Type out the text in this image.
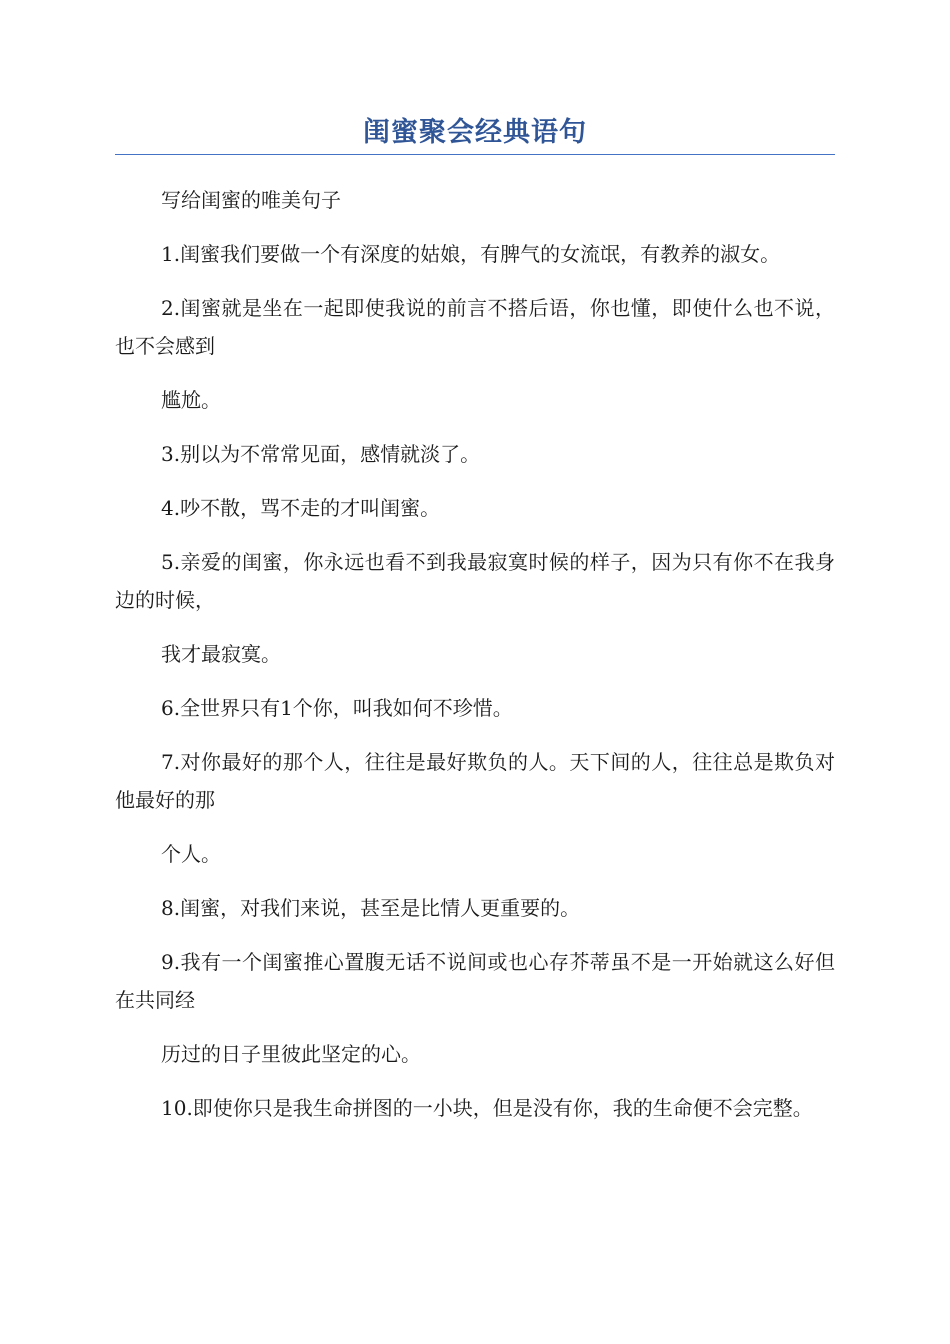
闺蜜聚会经典语句

写给闺蜜的唯美句子

1.闺蜜我们要做一个有深度的姑娘，有脾气的女流氓，有教养的淑女。

2.闺蜜就是坐在一起即使我说的前言不搭后语，你也懂，即使什么也不说，也不会感到

尴尬。

3.别以为不常常见面，感情就淡了。

4.吵不散，骂不走的才叫闺蜜。

5.亲爱的闺蜜，你永远也看不到我最寂寞时候的样子，因为只有你不在我身边的时候，

我才最寂寞。

6.全世界只有1个你，叫我如何不珍惜。

7.对你最好的那个人，往往是最好欺负的人。天下间的人，往往总是欺负对他最好的那

个人。

8.闺蜜，对我们来说，甚至是比情人更重要的。

9.我有一个闺蜜推心置腹无话不说间或也心存芥蒂虽不是一开始就这么好但在共同经

历过的日子里彼此坚定的心。

10.即使你只是我生命拼图的一小块，但是没有你，我的生命便不会完整。
